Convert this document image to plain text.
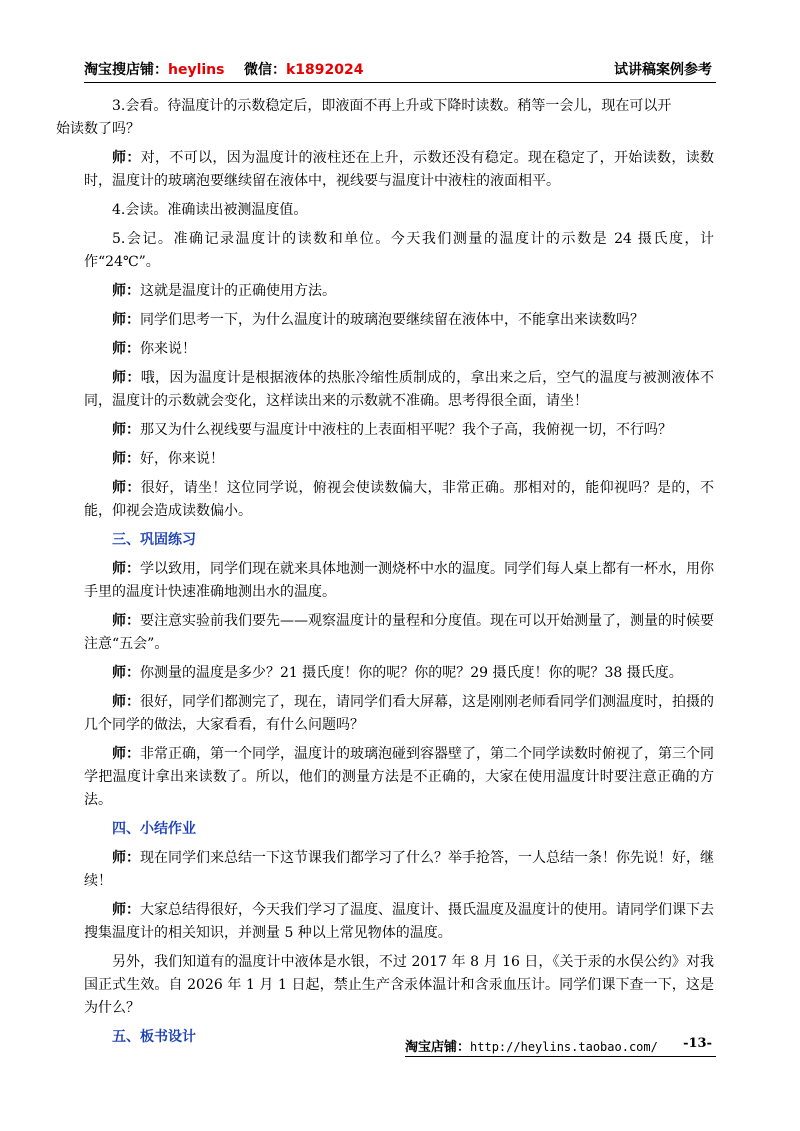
淘宝搜店铺：heylins 微信：k1892024	试讲稿案例参考

3.会看。待温度计的示数稳定后，即液面不再上升或下降时读数。稍等一会儿，现在可以开
始读数了吗？

师：对，不可以，因为温度计的液柱还在上升，示数还没有稳定。现在稳定了，开始读数，读数时，温度计的玻璃泡要继续留在液体中，视线要与温度计中液柱的液面相平。

4.会读。准确读出被测温度值。

5.会记。准确记录温度计的读数和单位。今天我们测量的温度计的示数是 24 摄氏度，计作“24℃”。

师：这就是温度计的正确使用方法。

师：同学们思考一下，为什么温度计的玻璃泡要继续留在液体中，不能拿出来读数吗？

师：你来说！

师：哦，因为温度计是根据液体的热胀冷缩性质制成的，拿出来之后，空气的温度与被测液体不同，温度计的示数就会变化，这样读出来的示数就不准确。思考得很全面，请坐！

师：那又为什么视线要与温度计中液柱的上表面相平呢？我个子高，我俯视一切，不行吗？

师：好，你来说！

师：很好，请坐！这位同学说，俯视会使读数偏大，非常正确。那相对的，能仰视吗？是的，不能，仰视会造成读数偏小。

三、巩固练习

师：学以致用，同学们现在就来具体地测一测烧杯中水的温度。同学们每人桌上都有一杯水，用你手里的温度计快速准确地测出水的温度。

师：要注意实验前我们要先——观察温度计的量程和分度值。现在可以开始测量了，测量的时候要注意“五会”。

师：你测量的温度是多少？21 摄氏度！你的呢？你的呢？29 摄氏度！你的呢？38 摄氏度。

师：很好，同学们都测完了，现在，请同学们看大屏幕，这是刚刚老师看同学们测温度时，拍摄的几个同学的做法，大家看看，有什么问题吗？

师：非常正确，第一个同学，温度计的玻璃泡碰到容器壁了，第二个同学读数时俯视了，第三个同学把温度计拿出来读数了。所以，他们的测量方法是不正确的，大家在使用温度计时要注意正确的方法。

四、小结作业

师：现在同学们来总结一下这节课我们都学习了什么？举手抢答，一人总结一条！你先说！好，继续！

师：大家总结得很好，今天我们学习了温度、温度计、摄氏温度及温度计的使用。请同学们课下去搜集温度计的相关知识，并测量 5 种以上常见物体的温度。

另外，我们知道有的温度计中液体是水银，不过 2017 年 8 月 16 日，《关于汞的水俣公约》对我国正式生效。自 2026 年 1 月 1 日起，禁止生产含汞体温计和含汞血压计。同学们课下查一下，这是为什么？

五、板书设计
淘宝店铺：http://heylins.taobao.com/ -13-
